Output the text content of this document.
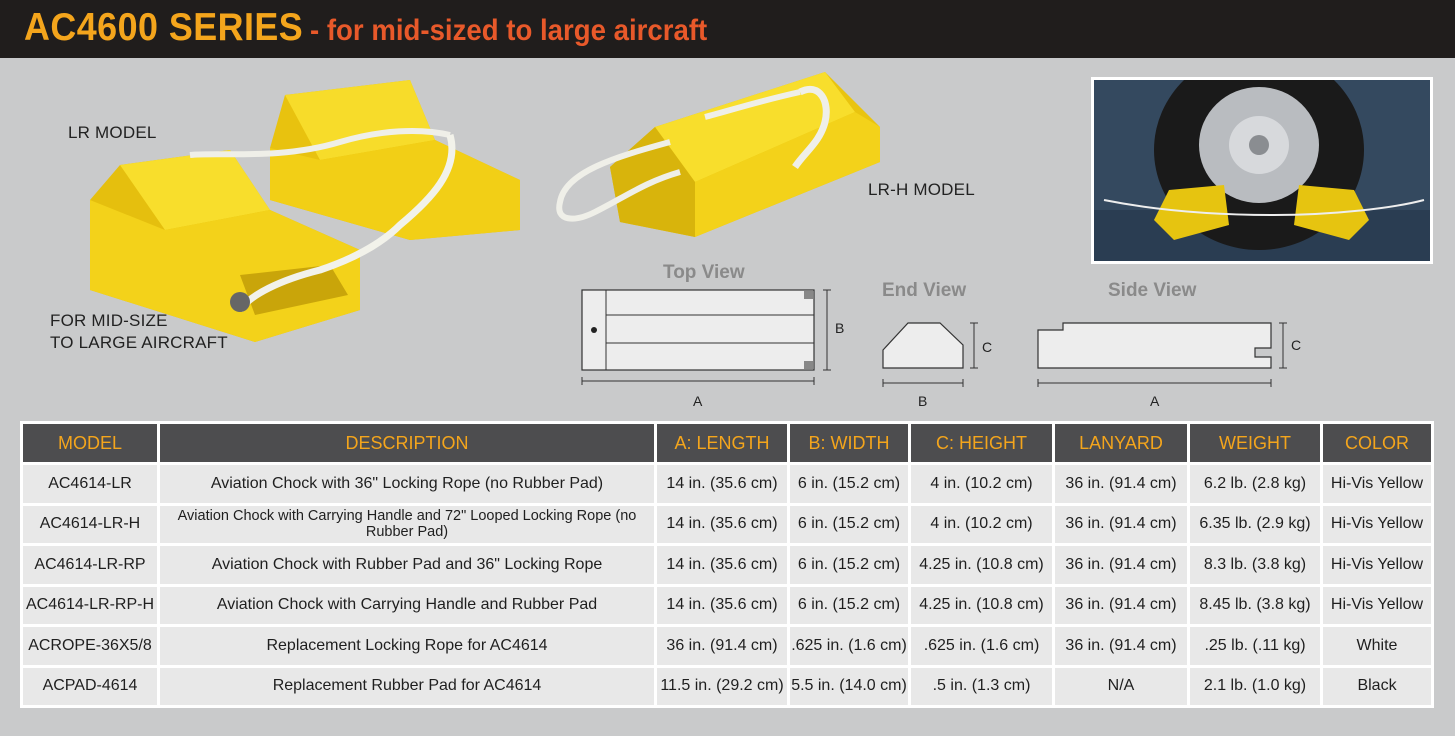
AC4600 SERIES - for mid-sized to large aircraft
LR MODEL
FOR MID-SIZE
TO LARGE AIRCRAFT
LR-H MODEL
Top View
A
B
End View
B
C
Side View
A
C
MODEL	DESCRIPTION	A: LENGTH	B: WIDTH	C: HEIGHT	LANYARD	WEIGHT	COLOR
AC4614-LR	Aviation Chock with 36" Locking Rope (no Rubber Pad)	14 in. (35.6 cm)	6 in. (15.2 cm)	4 in. (10.2 cm)	36 in. (91.4 cm)	6.2 lb. (2.8 kg)	Hi-Vis Yellow
AC4614-LR-H	Aviation Chock with Carrying Handle and 72" Looped Locking Rope (no Rubber Pad)	14 in. (35.6 cm)	6 in. (15.2 cm)	4 in. (10.2 cm)	36 in. (91.4 cm)	6.35 lb. (2.9 kg)	Hi-Vis Yellow
AC4614-LR-RP	Aviation Chock with Rubber Pad and 36" Locking Rope	14 in. (35.6 cm)	6 in. (15.2 cm)	4.25 in. (10.8 cm)	36 in. (91.4 cm)	8.3 lb. (3.8 kg)	Hi-Vis Yellow
AC4614-LR-RP-H	Aviation Chock with Carrying Handle and Rubber Pad	14 in. (35.6 cm)	6 in. (15.2 cm)	4.25 in. (10.8 cm)	36 in. (91.4 cm)	8.45 lb. (3.8 kg)	Hi-Vis Yellow
ACROPE-36X5/8	Replacement Locking Rope for AC4614	36 in. (91.4 cm)	.625 in. (1.6 cm)	.625 in. (1.6 cm)	36 in. (91.4 cm)	.25 lb. (.11 kg)	White
ACPAD-4614	Replacement Rubber Pad for AC4614	11.5 in. (29.2 cm)	5.5 in. (14.0 cm)	.5 in. (1.3 cm)	N/A	2.1 lb. (1.0 kg)	Black
